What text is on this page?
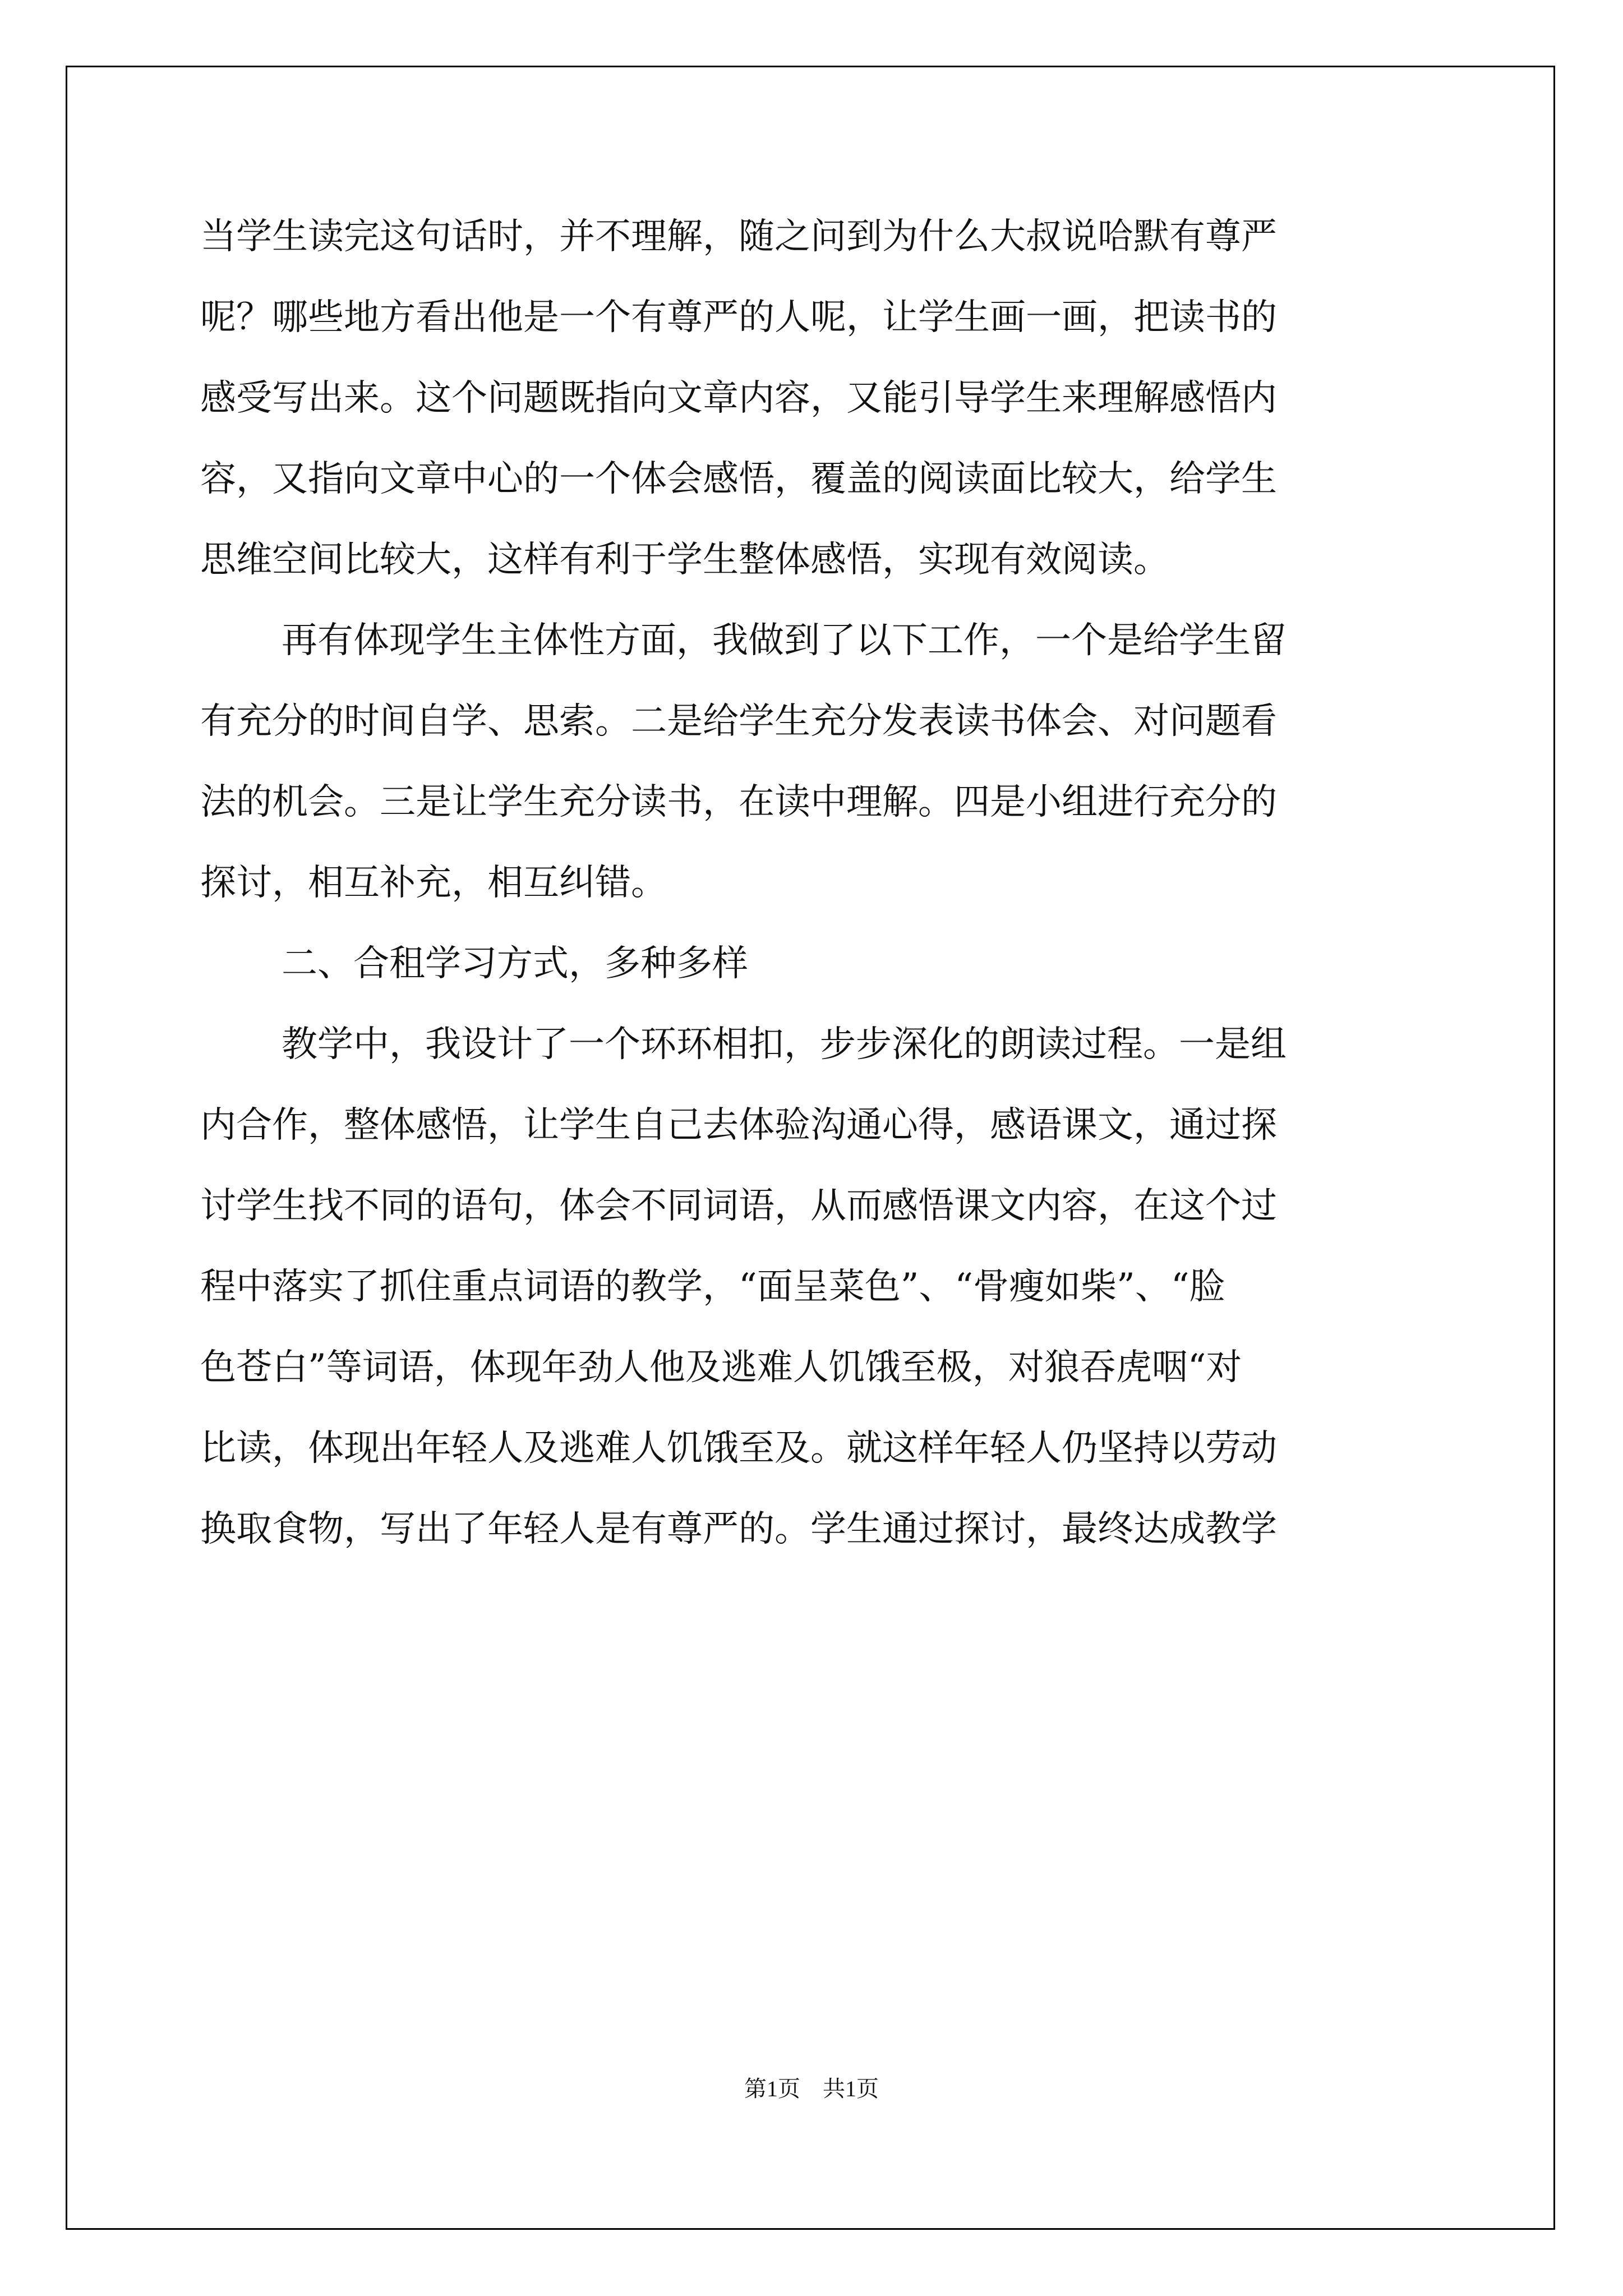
当学生读完这句话时，并不理解，随之问到为什么大叔说哈默有尊严

呢？哪些地方看出他是一个有尊严的人呢，让学生画一画，把读书的

感受写出来。这个问题既指向文章内容，又能引导学生来理解感悟内

容，又指向文章中心的一个体会感悟，覆盖的阅读面比较大，给学生

思维空间比较大，这样有利于学生整体感悟，实现有效阅读。

再有体现学生主体性方面，我做到了以下工作，一个是给学生留

有充分的时间自学、思索。二是给学生充分发表读书体会、对问题看

法的机会。三是让学生充分读书，在读中理解。四是小组进行充分的

探讨，相互补充，相互纠错。

二、合租学习方式，多种多样

教学中，我设计了一个环环相扣，步步深化的朗读过程。一是组

内合作，整体感悟，让学生自己去体验沟通心得，感语课文，通过探

讨学生找不同的语句，体会不同词语，从而感悟课文内容，在这个过

程中落实了抓住重点词语的教学，“面呈菜色”、“骨瘦如柴”、“脸

色苍白”等词语，体现年劲人他及逃难人饥饿至极，对狼吞虎咽“对

比读，体现出年轻人及逃难人饥饿至及。就这样年轻人仍坚持以劳动

换取食物，写出了年轻人是有尊严的。学生通过探讨，最终达成教学

第1页　共1页
